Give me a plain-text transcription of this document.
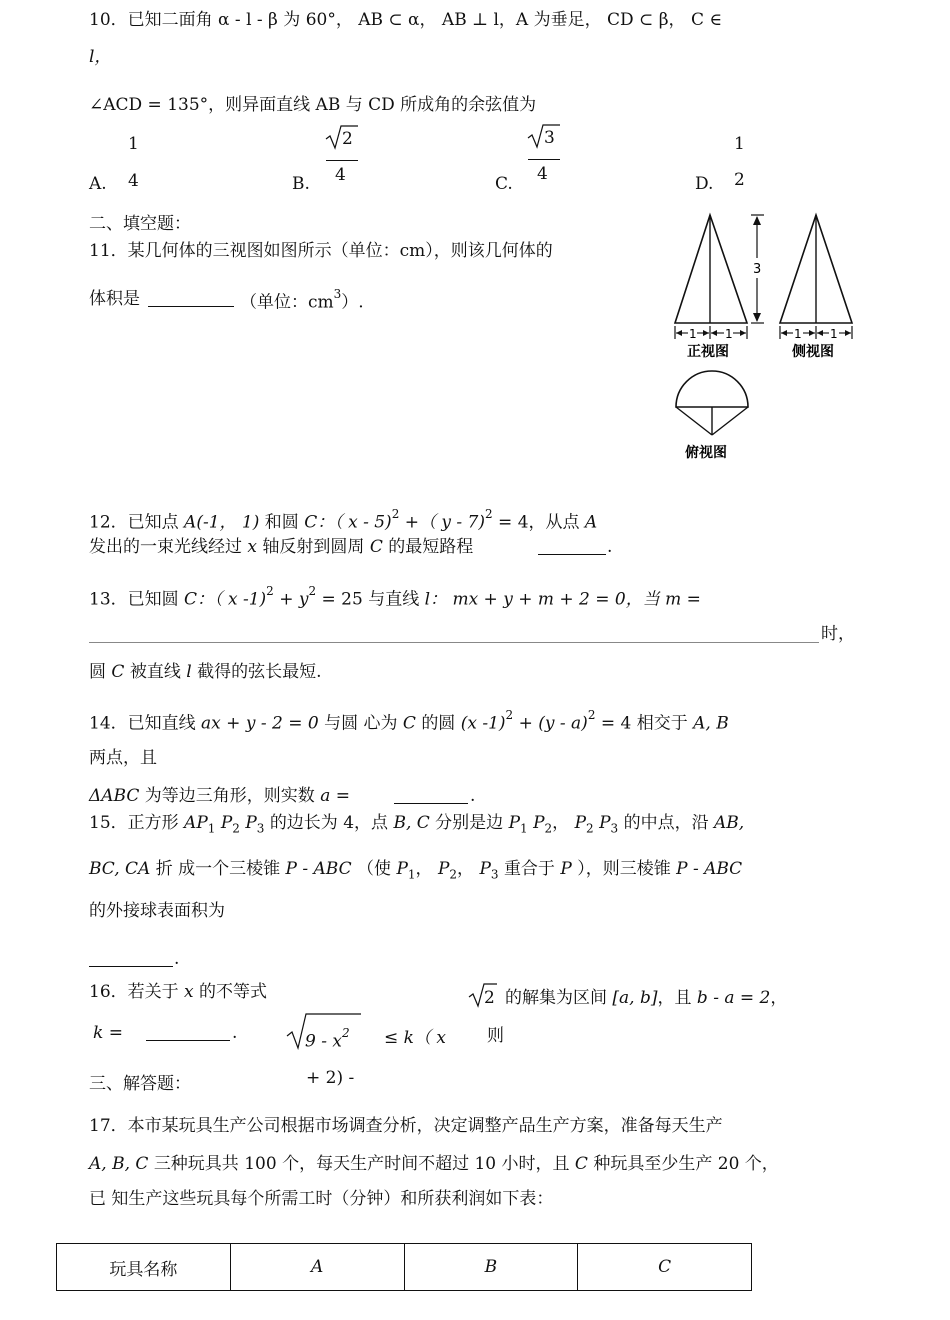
10．已知二面角 α - l - β 为 60°， AB ⊂ α， AB ⊥ l，A 为垂足， CD ⊂ β， C ∈
l，
∠ACD = 135°，则异面直线 AB 与 CD 所成角的余弦值为
A.
1
4	B.
2
4	C.
3
4	D.
1
2
二、填空题：
11．某几何体的三视图如图所示（单位：cm），则该几何体的
体积是	（单位：$cm^3$）.
3
1 1	1 1
正视图	侧视图
俯视图
12．已知点 A(-1， 1) 和圆 C：（ x - 5)$^2$ +（ y - 7)$^2$ = 4，从点 A
发出的一束光线经过 x 轴反射到圆周 C 的最短路程	.
13．已知圆 C：（ x $-1)^2 + y^2 = 25$ 与直线 l： mx + y + m + 2 = 0，当 m =
时，
圆 C 被直线 l 截得的弦长最短.
14．已知直线 ax + y - 2 = 0 与圆 心为 C 的圆 (x -1)$^2$ + (y - a)$^2$ = 4 相交于 A, B
两点，且
ΔABC 为等边三角形，则实数 a =	.
15．正方形 $AP_1$ $P_2$ $P_3$ 的边长为 4，点 B, C 分别是边 $P_1$ $P_2$， $P_2$ $P_3$ 的中点，沿 AB,
BC, CA 折 成一个三棱锥 P - ABC （使 $P_1$， $P_2$， $P_3$ 重合于 P ），则三棱锥 P - ABC
的外接球表面积为
.
16．若关于 x 的不等式	2 的解集为区间 [a, b]，且 b - a = 2，
k =	.	$9 - x^2 \le k$（ x 则
+ 2) -
三、解答题：
17．本市某玩具生产公司根据市场调查分析，决定调整产品生产方案，准备每天生产
A, B, C 三种玩具共 100 个，每天生产时间不超过 10 小时，且 C 种玩具至少生产 20 个，
已 知生产这些玩具每个所需工时（分钟）和所获利润如下表：
玩具名称	A	B	C
